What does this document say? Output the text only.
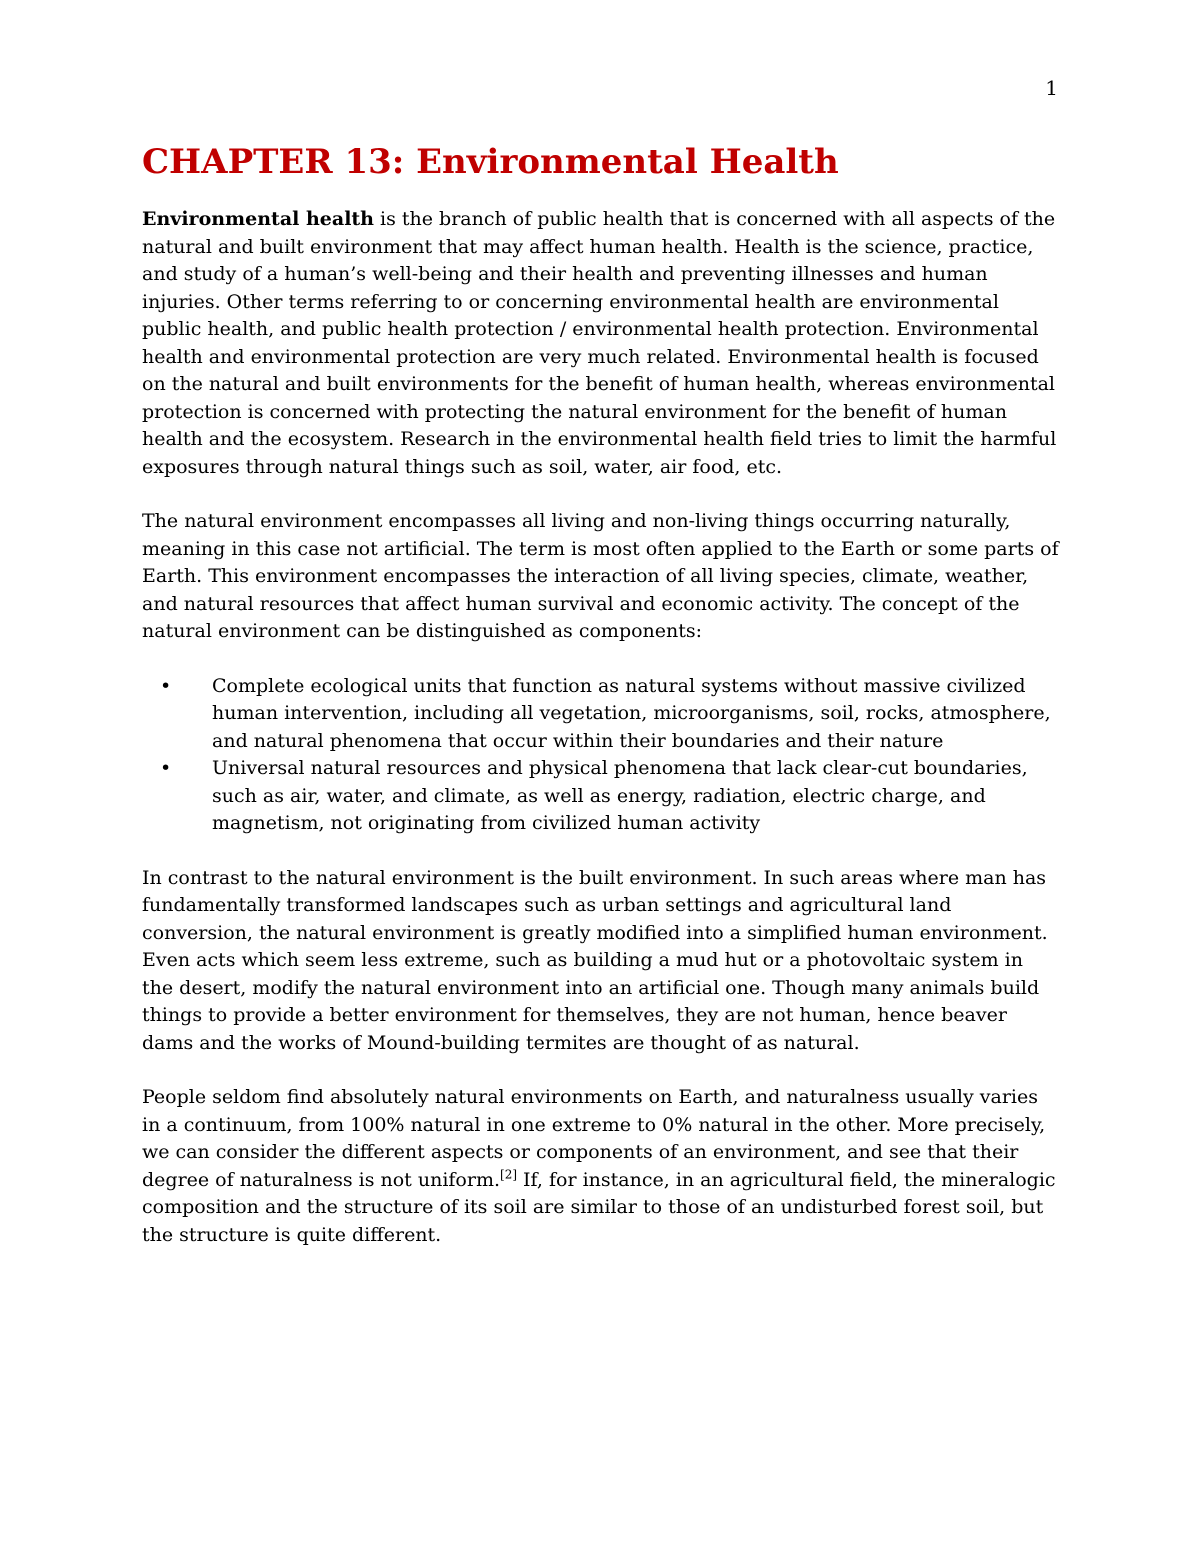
1
CHAPTER 13: Environmental Health

Environmental health is the branch of public health that is concerned with all aspects of the natural and built environment that may affect human health. Health is the science, practice, and study of a human’s well-being and their health and preventing illnesses and human injuries. Other terms referring to or concerning environmental health are environmental public health, and public health protection / environmental health protection. Environmental health and environmental protection are very much related. Environmental health is focused on the natural and built environments for the benefit of human health, whereas environmental protection is concerned with protecting the natural environment for the benefit of human health and the ecosystem. Research in the environmental health field tries to limit the harmful exposures through natural things such as soil, water, air food, etc.

The natural environment encompasses all living and non-living things occurring naturally, meaning in this case not artificial. The term is most often applied to the Earth or some parts of Earth. This environment encompasses the interaction of all living species, climate, weather, and natural resources that affect human survival and economic activity. The concept of the natural environment can be distinguished as components:

• Complete ecological units that function as natural systems without massive civilized human intervention, including all vegetation, microorganisms, soil, rocks, atmosphere, and natural phenomena that occur within their boundaries and their nature
• Universal natural resources and physical phenomena that lack clear-cut boundaries, such as air, water, and climate, as well as energy, radiation, electric charge, and magnetism, not originating from civilized human activity

In contrast to the natural environment is the built environment. In such areas where man has fundamentally transformed landscapes such as urban settings and agricultural land conversion, the natural environment is greatly modified into a simplified human environment. Even acts which seem less extreme, such as building a mud hut or a photovoltaic system in the desert, modify the natural environment into an artificial one. Though many animals build things to provide a better environment for themselves, they are not human, hence beaver dams and the works of Mound-building termites are thought of as natural.

People seldom find absolutely natural environments on Earth, and naturalness usually varies in a continuum, from 100% natural in one extreme to 0% natural in the other. More precisely, we can consider the different aspects or components of an environment, and see that their degree of naturalness is not uniform.[2] If, for instance, in an agricultural field, the mineralogic composition and the structure of its soil are similar to those of an undisturbed forest soil, but the structure is quite different.
